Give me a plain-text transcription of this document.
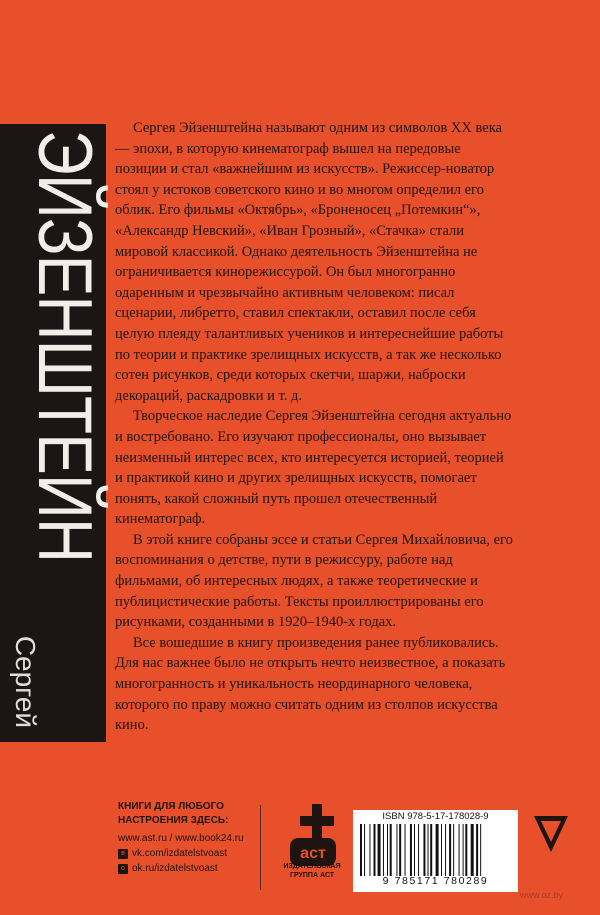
ЭЙЗЕНШТЕЙН
Сергей

Сергея Эйзенштейна называют одним из символов XX века — эпохи, в которую кинематограф вышел на передовые позиции и стал «важнейшим из искусств». Режиссер-новатор стоял у истоков советского кино и во многом определил его облик. Его фильмы «Октябрь», «Броненосец „Потемкин“», «Александр Невский», «Иван Грозный», «Стачка» стали мировой классикой. Однако деятельность Эйзенштейна не ограничивается кинорежиссурой. Он был многогранно одаренным и чрезвычайно активным человеком: писал сценарии, либретто, ставил спектакли, оставил после себя целую плеяду талантливых учеников и интереснейшие работы по теории и практике зрелищных искусств, а так же несколько сотен рисунков, среди которых скетчи, шаржи, наброски декораций, раскадровки и т. д.

Творческое наследие Сергея Эйзенштейна сегодня актуально и востребовано. Его изучают профессионалы, оно вызывает неизменный интерес всех, кто интересуется историей, теорией и практикой кино и других зрелищных искусств, помогает понять, какой сложный путь прошел отечественный кинематограф.

В этой книге собраны эссе и статьи Сергея Михайловича, его воспоминания о детстве, пути в режиссуру, работе над фильмами, об интересных людях, а также теоретические и публицистические работы. Тексты проиллюстрированы его рисунками, созданными в 1920–1940-х годах.

Все вошедшие в книгу произведения ранее публиковались. Для нас важнее было не открыть нечто неизвестное, а показать многогранность и уникальность неординарного человека, которого по праву можно считать одним из столпов искусства кино.

КНИГИ ДЛЯ ЛЮБОГО

НАСТРОЕНИЯ ЗДЕСЬ:

www.ast.ru / www.book24.ru

в vk.com/izdatelstvoast

о ok.ru/izdatelstvoast

аст
ИЗДАТЕЛЬСКАЯ
ГРУППА АСТ
ISBN 978-5-17-178028-9
9 785171 780289
www.oz.by
